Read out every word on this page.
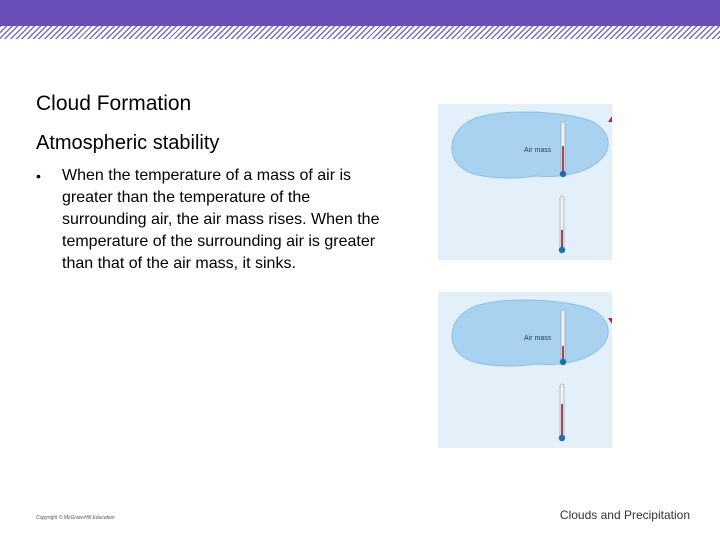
Cloud Formation
Atmospheric stability
• When the temperature of a mass of air is greater than the temperature of the surrounding air, the air mass rises. When the temperature of the surrounding air is greater than that of the air mass, it sinks.
Air mass
Air mass
Copyright © McGraw-Hill Education	Clouds and Precipitation
